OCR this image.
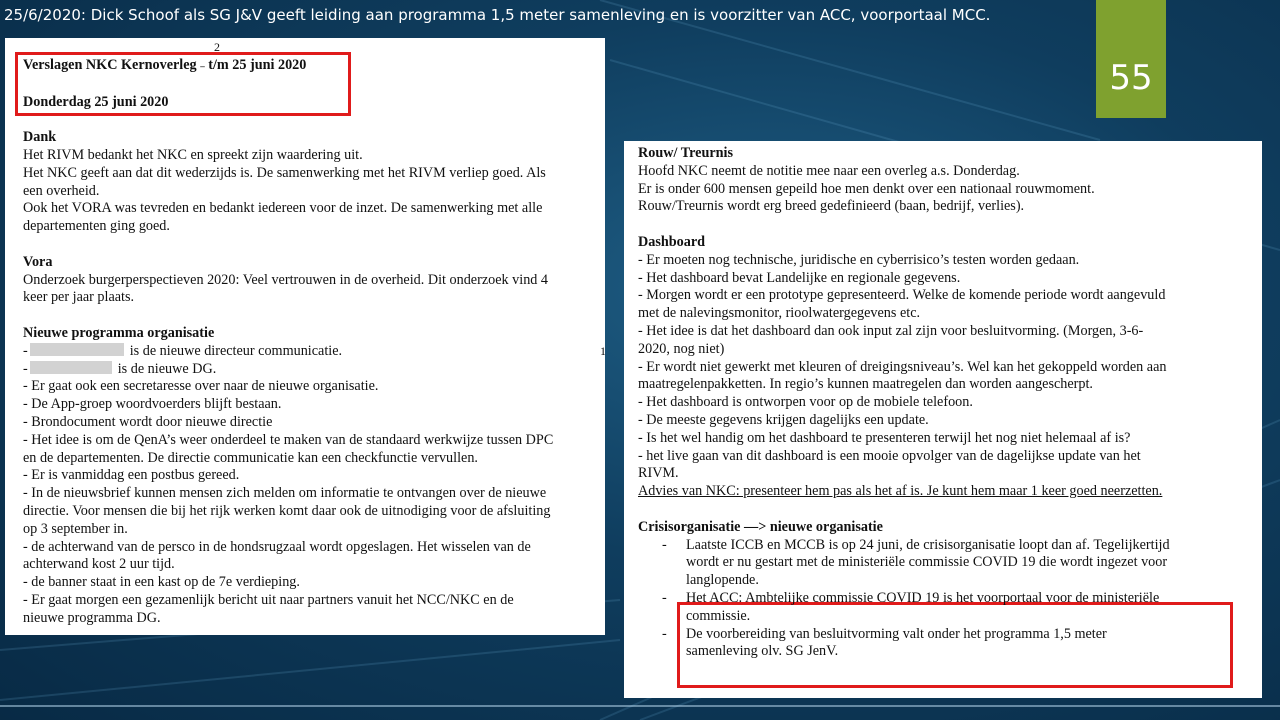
25/6/2020: Dick Schoof als SG J&V geeft leiding aan programma 1,5 meter samenleving en is voorzitter van ACC, voorportaal MCC.
55
2

Verslagen NKC Kernoverleg – t/m 25 juni 2020

Donderdag 25 juni 2020

Dank

Het RIVM bedankt het NKC en spreekt zijn waardering uit.

Het NKC geeft aan dat dit wederzijds is. De samenwerking met het RIVM verliep goed. Als

een overheid.

Ook het VORA was tevreden en bedankt iedereen voor de inzet. De samenwerking met alle

departementen ging goed.

Vora

Onderzoek burgerperspectieven 2020: Veel vertrouwen in de overheid. Dit onderzoek vind 4

keer per jaar plaats.

Nieuwe programma organisatie

-	is de nieuwe directeur communicatie.

-	is de nieuwe DG.

- Er gaat ook een secretaresse over naar de nieuwe organisatie.

- De App-groep woordvoerders blijft bestaan.

- Brondocument wordt door nieuwe directie

- Het idee is om de QenA’s weer onderdeel te maken van de standaard werkwijze tussen DPC

en de departementen. De directie communicatie kan een checkfunctie vervullen.

- Er is vanmiddag een postbus gereed.

- In de nieuwsbrief kunnen mensen zich melden om informatie te ontvangen over de nieuwe

directie. Voor mensen die bij het rijk werken komt daar ook de uitnodiging voor de afsluiting

op 3 september in.

- de achterwand van de persco in de hondsrugzaal wordt opgeslagen. Het wisselen van de

achterwand kost 2 uur tijd.

- de banner staat in een kast op de 7e verdieping.

- Er gaat morgen een gezamenlijk bericht uit naar partners vanuit het NCC/NKC en de

nieuwe programma DG.

1

Rouw/ Treurnis

Hoofd NKC neemt de notitie mee naar een overleg a.s. Donderdag.

Er is onder 600 mensen gepeild hoe men denkt over een nationaal rouwmoment.

Rouw/Treurnis wordt erg breed gedefinieerd (baan, bedrijf, verlies).

Dashboard

- Er moeten nog technische, juridische en cyberrisico’s testen worden gedaan.

- Het dashboard bevat Landelijke en regionale gegevens.

- Morgen wordt er een prototype gepresenteerd. Welke de komende periode wordt aangevuld

met de nalevingsmonitor, rioolwatergegevens etc.

- Het idee is dat het dashboard dan ook input zal zijn voor besluitvorming. (Morgen, 3-6-

2020, nog niet)

- Er wordt niet gewerkt met kleuren of dreigingsniveau’s. Wel kan het gekoppeld worden aan

maatregelenpakketten. In regio’s kunnen maatregelen dan worden aangescherpt.

- Het dashboard is ontworpen voor op de mobiele telefoon.

- De meeste gegevens krijgen dagelijks een update.

- Is het wel handig om het dashboard te presenteren terwijl het nog niet helemaal af is?

- het live gaan van dit dashboard is een mooie opvolger van de dagelijkse update van het

RIVM.

Advies van NKC: presenteer hem pas als het af is. Je kunt hem maar 1 keer goed neerzetten.

Crisisorganisatie —> nieuwe organisatie

- Laatste ICCB en MCCB is op 24 juni, de crisisorganisatie loopt dan af. Tegelijkertijd

wordt er nu gestart met de ministeriële commissie COVID 19 die wordt ingezet voor

langlopende.

- Het ACC: Ambtelijke commissie COVID 19 is het voorportaal voor de ministeriële

commissie.

- De voorbereiding van besluitvorming valt onder het programma 1,5 meter

samenleving olv. SG JenV.
